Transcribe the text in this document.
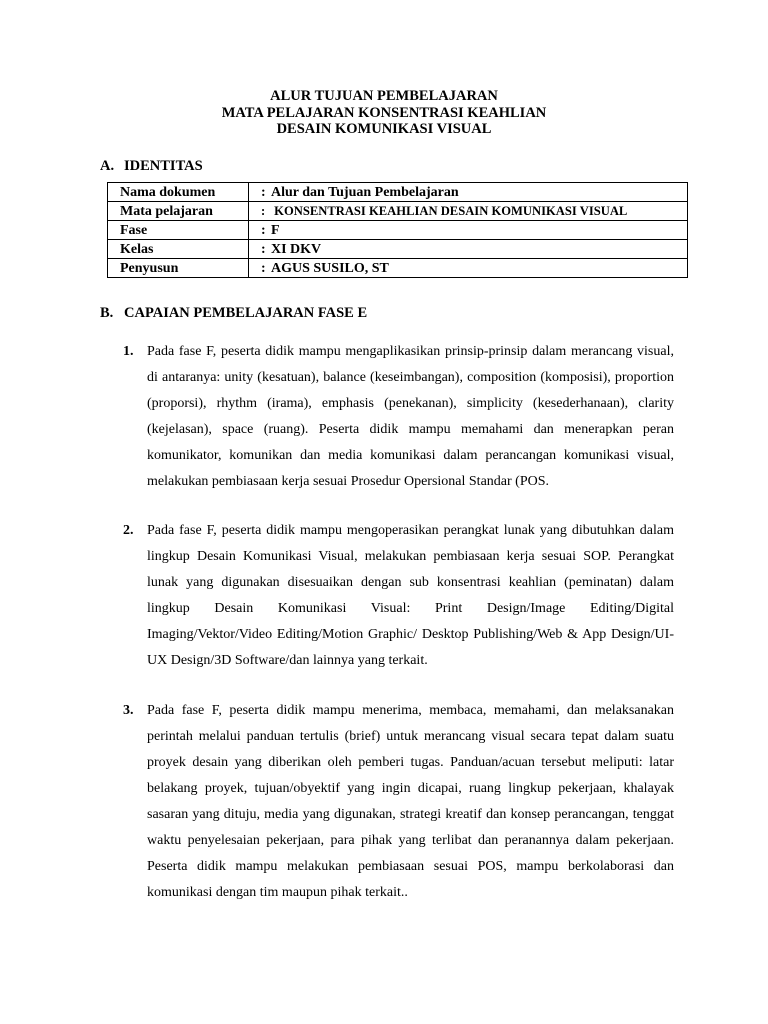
ALUR TUJUAN PEMBELAJARAN
MATA PELAJARAN KONSENTRASI KEAHLIAN
DESAIN KOMUNIKASI VISUAL
A. IDENTITAS
Nama dokumen	: Alur dan Tujuan Pembelajaran
Mata pelajaran	: KONSENTRASI KEAHLIAN DESAIN KOMUNIKASI VISUAL
Fase	: F
Kelas	: XI DKV
Penyusun	: AGUS SUSILO, ST
B. CAPAIAN PEMBELAJARAN FASE E
1. Pada fase F, peserta didik mampu mengaplikasikan prinsip-prinsip dalam merancang visual, di antaranya: unity (kesatuan), balance (keseimbangan), composition (komposisi), proportion (proporsi), rhythm (irama), emphasis (penekanan), simplicity (kesederhanaan), clarity (kejelasan), space (ruang). Peserta didik mampu memahami dan menerapkan peran komunikator, komunikan dan media komunikasi dalam perancangan komunikasi visual, melakukan pembiasaan kerja sesuai Prosedur Opersional Standar (POS.

2. Pada fase F, peserta didik mampu mengoperasikan perangkat lunak yang dibutuhkan dalam lingkup Desain Komunikasi Visual, melakukan pembiasaan kerja sesuai SOP. Perangkat lunak yang digunakan disesuaikan dengan sub konsentrasi keahlian (peminatan) dalam lingkup Desain Komunikasi Visual: Print Design/Image Editing/Digital Imaging/Vektor/Video Editing/Motion Graphic/ Desktop Publishing/Web & App Design/UI-UX Design/3D Software/dan lainnya yang terkait.

3. Pada fase F, peserta didik mampu menerima, membaca, memahami, dan melaksanakan perintah melalui panduan tertulis (brief) untuk merancang visual secara tepat dalam suatu proyek desain yang diberikan oleh pemberi tugas. Panduan/acuan tersebut meliputi: latar belakang proyek, tujuan/obyektif yang ingin dicapai, ruang lingkup pekerjaan, khalayak sasaran yang dituju, media yang digunakan, strategi kreatif dan konsep perancangan, tenggat waktu penyelesaian pekerjaan, para pihak yang terlibat dan peranannya dalam pekerjaan. Peserta didik mampu melakukan pembiasaan sesuai POS, mampu berkolaborasi dan komunikasi dengan tim maupun pihak terkait..
